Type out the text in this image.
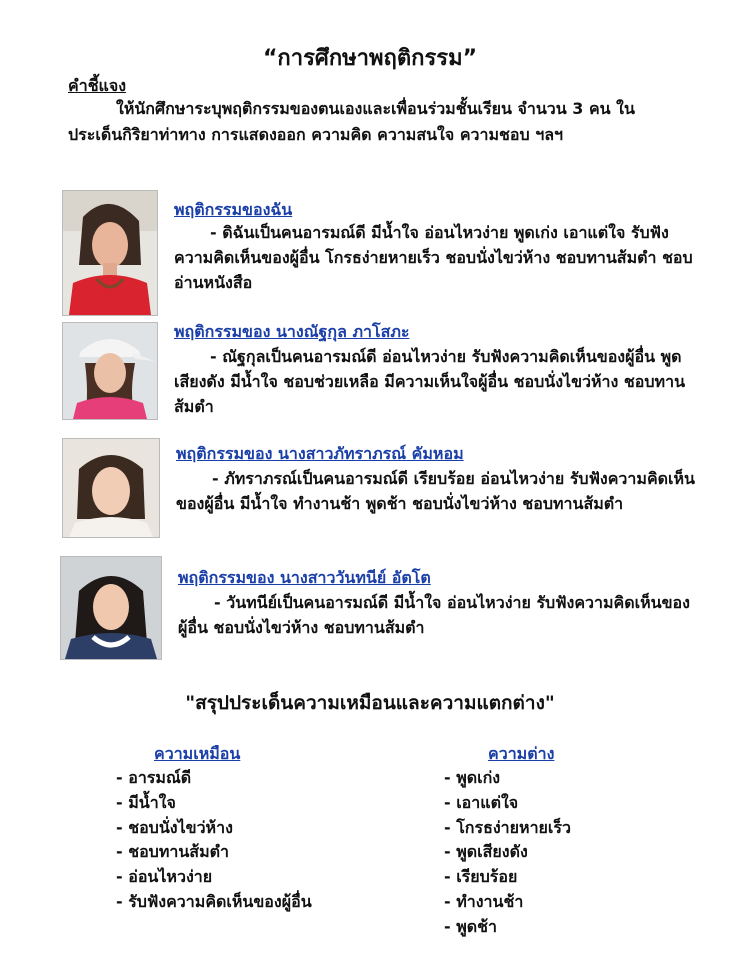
“การศึกษาพฤติกรรม”
คำชี้แจง
ให้นักศึกษาระบุพฤติกรรมของตนเองและเพื่อนร่วมชั้นเรียน จำนวน 3 คน ในประเด็นกิริยาท่าทาง การแสดงออก ความคิด ความสนใจ ความชอบ ฯลฯ
พฤติกรรมของฉัน
- ดิฉันเป็นคนอารมณ์ดี มีน้ำใจ อ่อนไหวง่าย พูดเก่ง เอาแต่ใจ รับฟังความคิดเห็นของผู้อื่น โกรธง่ายหายเร็ว ชอบนั่งไขว่ห้าง ชอบทานส้มตำ ชอบอ่านหนังสือ
พฤติกรรมของ นางณัฐกุล ภาโสภะ
- ณัฐกุลเป็นคนอารมณ์ดี อ่อนไหวง่าย รับฟังความคิดเห็นของผู้อื่น พูดเสียงดัง มีน้ำใจ ชอบช่วยเหลือ มีความเห็นใจผู้อื่น ชอบนั่งไขว่ห้าง ชอบทานส้มตำ
พฤติกรรมของ นางสาวภัทราภรณ์ คัมหอม
- ภัทราภรณ์เป็นคนอารมณ์ดี เรียบร้อย อ่อนไหวง่าย รับฟังความคิดเห็นของผู้อื่น มีน้ำใจ ทำงานช้า พูดช้า ชอบนั่งไขว่ห้าง ชอบทานส้มตำ
พฤติกรรมของ นางสาววันทนีย์ อัตโต
- วันทนีย์เป็นคนอารมณ์ดี มีน้ำใจ อ่อนไหวง่าย รับฟังความคิดเห็นของผู้อื่น ชอบนั่งไขว่ห้าง ชอบทานส้มตำ
"สรุปประเด็นความเหมือนและความแตกต่าง"
ความเหมือน
- อารมณ์ดี
- มีน้ำใจ
- ชอบนั่งไขว่ห้าง
- ชอบทานส้มตำ
- อ่อนไหวง่าย
- รับฟังความคิดเห็นของผู้อื่น
ความต่าง
- พูดเก่ง
- เอาแต่ใจ
- โกรธง่ายหายเร็ว
- พูดเสียงดัง
- เรียบร้อย
- ทำงานช้า
- พูดช้า
